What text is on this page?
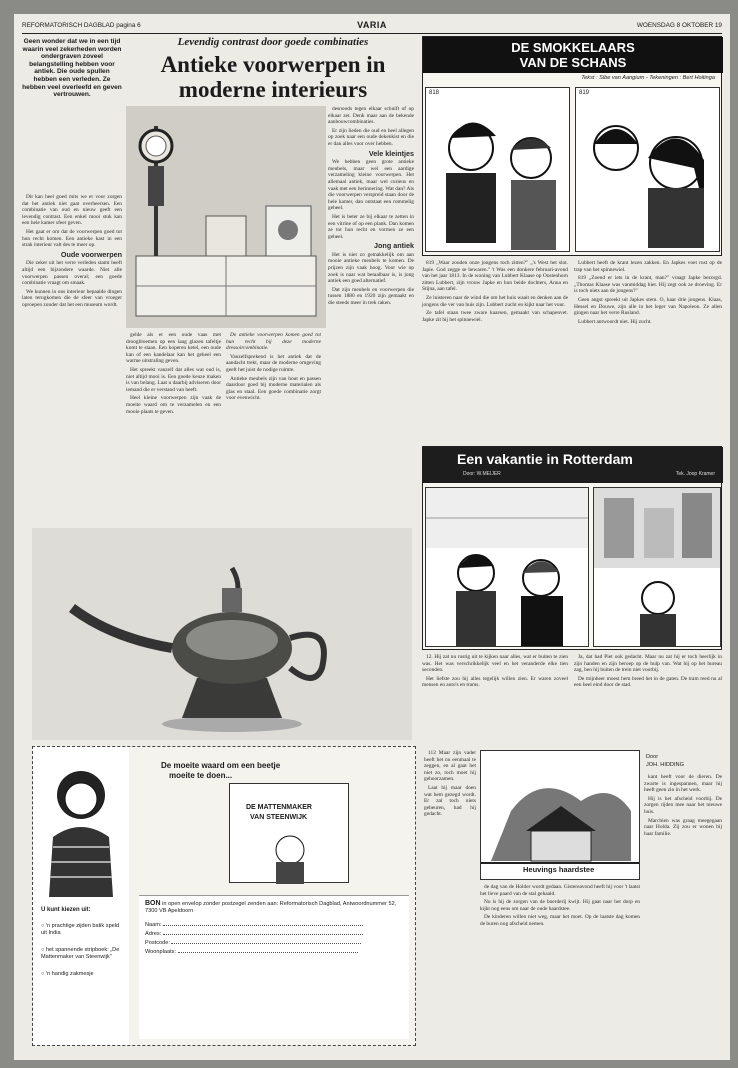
REFORMATORISCH DAGBLAD pagina 6	VARIA	WOENSDAG 8 OKTOBER 19
Geen wonder dat we in een tijd waarin veel zekerheden worden ondergraven zoveel belangstelling hebben voor antiek. Die oude spullen hebben een verleden. Ze hebben veel overleefd en geven vertrouwen.

Dit kan heel goed mits we er voor zorgen dat het antiek niet gaat overheersen. Een combinatie van oud en nieuw geeft een levendig contrast. Een enkel mooi stuk kan een hele kamer sfeer geven.

Het gaat er om dat de voorwerpen goed tot hun recht komen. Een antieke kast in een strak interieur valt des te meer op.

Oude voorwerpen

Die zeker uit het verre verleden stamt heeft altijd een bijzondere waarde. Niet alle voorwerpen passen overal; een goede combinatie vraagt om smaak.

We kunnen in ons interieur bepaalde dingen laten terugkomen die de sfeer van vroeger oproepen zonder dat het een museum wordt.

Levendig contrast door goede combinaties
Antieke voorwerpen in moderne interieurs

gelde als er een oude vaas met droogbloemen op een laag glazen tafeltje komt te staan. Een koperen ketel, een oude kan of een kandelaar kan het geheel een warme uitstraling geven.

Het spreekt vanzelf dat alles wat oud is, niet altijd mooi is. Een goede keuze maken is van belang. Laat u daarbij adviseren door iemand die er verstand van heeft.

Heel kleine voorwerpen zijn vaak de moeite waard om te verzamelen en een mooie plaats te geven.

De antieke voorwerpen komen goed tot hun recht bij deze moderne dressoircombinatie.

Vanzelfsprekend is het antiek dat de aandacht trekt, maar de moderne omgeving geeft het juist de nodige ruimte.

Antieke meubels zijn van hout en passen daardoor goed bij moderne materialen als glas en staal. Een goede combinatie zorgt voor evenwicht.

desnoods tegen elkaar schuift of op elkaar zet. Denk maar aan de bekende aanbouwcombinaties.

Er zijn lieden die oud en heel allegen op zoek naar een oude dekenkist en die er dan alles voor over hebben.

Vele kleintjes

We hebben geen grote antieke meubels, maar wel een aardige verzameling kleine voorwerpen. Het allemaal antiek, maar wel curieus en vaak met een herinnering. Wat dan? Als die voorwerpen verspreid staan door de hele kamer, dan ontstaat een rommelig geheel.

Het is beter ze bij elkaar te zetten in een vitrine of op een plank. Dan komen ze tot hun recht en vormen ze een geheel.

Jong antiek

Het is niet zo gemakkelijk om aan mooie antieke meubels te komen. De prijzen zijn vaak hoog. Voor wie op zoek is naar wat betaalbaar is, is jong antiek een goed alternatief.

Dat zijn meubels en voorwerpen die tussen 1880 en 1920 zijn gemaakt en die steeds meer in trek raken.

DE SMOKKELAARS
VAN DE SCHANS
Tekst : Sibe van Aangium - Tekeningen : Bert Hoitinga
818	819

819 „Waar zouden onze jongens toch zitten?" „'s West het slot. Japie. God zegge se bewaren." 't Was een donkere februari-avond van het jaar 1813. In de woning van Lubbert Klaase op Oostenhorn zitten Lubbert, zijn vrouw Japke en hun beide dochters, Anna en Stijna, aan tafel.

Ze luisteren naar de wind die om het huis waait en denken aan de jongens die ver van huis zijn. Lubbert zucht en kijkt naar het vuur.

Ze tafel staan twee zware kaarsen, gemaakt van schapenvet. Japke zit bij het spinnewiel.

Lubbert heeft de krant lezen zakken. En Japkes voet rust op de trap van het spinnewiel.

819 „Zoend er iets in de krant, man?" vraagt Japke bezorgd. „Thomas Klaase was vanmiddag hier. Hij zegt ook ze droeving. Er is toch niets aan de jongens?"

Geen angst spreekt uit Japkes stem. O, haar drie jongens. Klaas, Hessel en Douwe, zijn alle in het leger van Napoleon. Ze allen gingen naar het verre Rusland.

Lubbert antwoordt niet. Hij zucht.

Een vakantie in Rotterdam
Door: W.MEIJER	Tek. Joop Kramer

12. Hij zat nu rustig uit te kijken naar alles, wat er buiten te zien was. Het was verschrikkelijk veel en het veranderde elke tien seconden.

Het liefste zou hij alles tegelijk willen zien. Er waren zoveel mensen en auto's en trams.

Ja, dat had Piet ook gedacht. Maar nu zat hij er toch heerlijk in zijn handen en zijn beroep op de hulp van. Wat hij op het bureau zag, ben hij buiten de trein niet voorbij.

De mijnheer moest hem breed het in de gaten. De tram reed nu al een heel eind door de stad.

U kunt kiezen uit:
○ 'n prachtige zijden batik speld uit India
○ het spannende stripboek: „De Mattenmaker van Steenwijk"
○ 'n handig zakmesje
De moeite waard om een beetje
moeite te doen...
DE MATTENMAKER
VAN STEENWIJK
BON in open envelop zonder postzegel zenden aan: Reformatorisch Dagblad, Antwoordnummer 52, 7300 VB Apeldoorn
Naam:
Adres:
Postcode:
Woonplaats:

112 Maar zijn vader heeft het nu eenmaal te zeggen, en al gaat het niet zo, toch moet hij gehoorzamen.

Laat hij maar doen wat hem gezegd wordt. Er zal toch niets gebeuren, had hij gedacht.

Heuvings haardstee
Door
JOH. HIDDING

de dag van de Holder wordt gedaan. Gistereavond heeft hij voor 't laatst het lieve paard van de stal gehaald.

Nu is hij de zorgen van de boerderij kwijt. Hij gaat naar het dorp en kijkt nog eens om naar de oude haardstee.

De kinderen willen niet weg, maar het moet. Op de laatste dag komen de buren nog afscheid nemen.

kant heeft voor de dieren. De zwarte is ingespannen, maar hij heeft geen zin in het werk.

Hij is het afscheid voorbij. De zorgen rijden mee naar het nieuwe huis.

Marchien was graag meegegaan naar Holda. Zij zou er wonen bij haar familie.
